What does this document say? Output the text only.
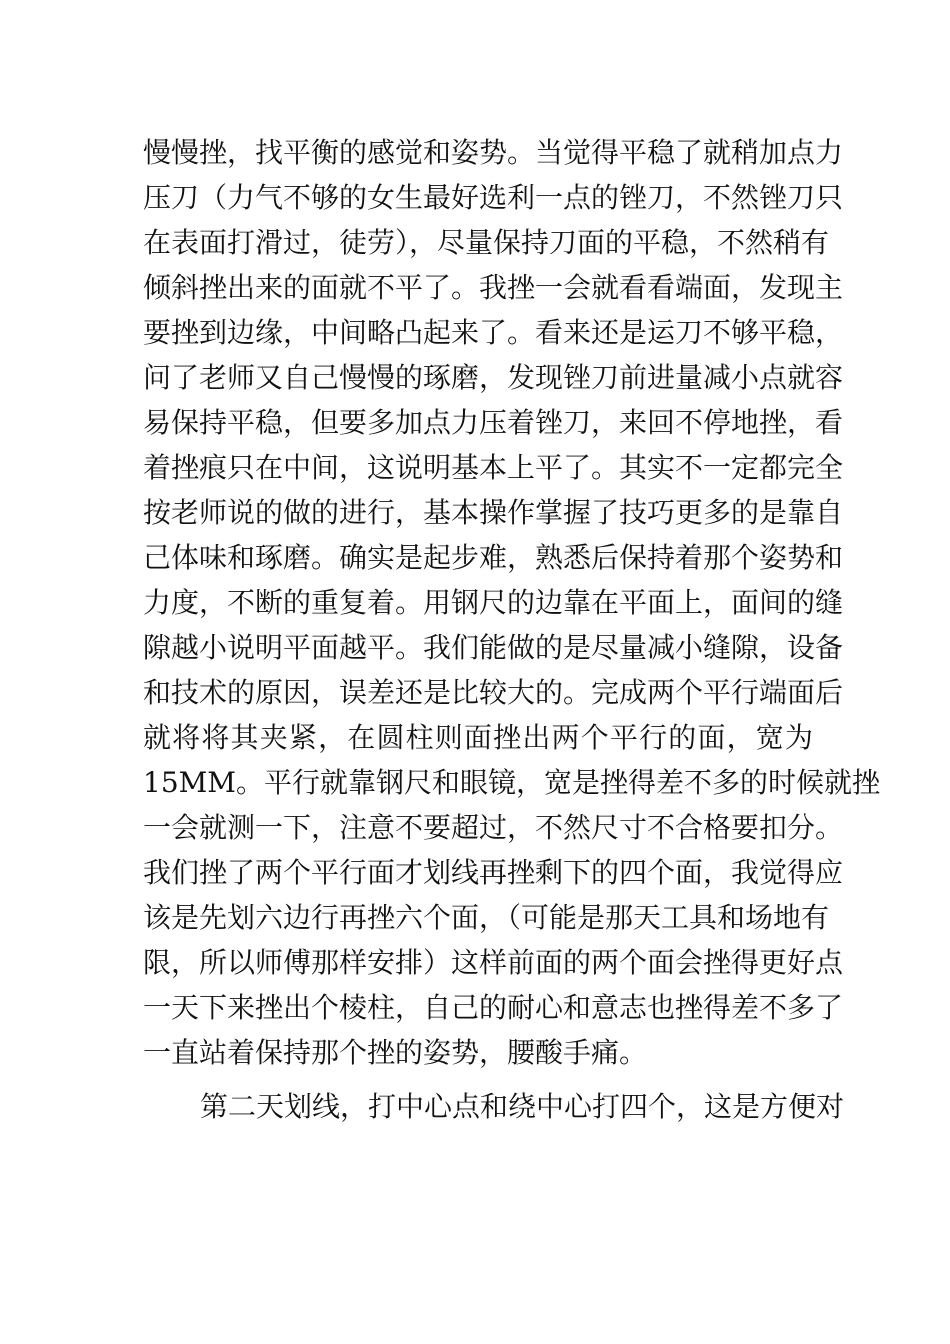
慢慢挫，找平衡的感觉和姿势。当觉得平稳了就稍加点力
压刀（力气不够的女生最好选利一点的锉刀，不然锉刀只
在表面打滑过，徒劳），尽量保持刀面的平稳，不然稍有
倾斜挫出来的面就不平了。我挫一会就看看端面，发现主
要挫到边缘，中间略凸起来了。看来还是运刀不够平稳，
问了老师又自己慢慢的琢磨，发现锉刀前进量减小点就容
易保持平稳，但要多加点力压着锉刀，来回不停地挫，看
着挫痕只在中间，这说明基本上平了。其实不一定都完全
按老师说的做的进行，基本操作掌握了技巧更多的是靠自
己体味和琢磨。确实是起步难，熟悉后保持着那个姿势和
力度，不断的重复着。用钢尺的边靠在平面上，面间的缝
隙越小说明平面越平。我们能做的是尽量减小缝隙，设备
和技术的原因，误差还是比较大的。完成两个平行端面后
就将将其夹紧，在圆柱则面挫出两个平行的面，宽为
15MM。平行就靠钢尺和眼镜，宽是挫得差不多的时候就挫
一会就测一下，注意不要超过，不然尺寸不合格要扣分。
我们挫了两个平行面才划线再挫剩下的四个面，我觉得应
该是先划六边行再挫六个面，（可能是那天工具和场地有
限，所以师傅那样安排）这样前面的两个面会挫得更好点
一天下来挫出个棱柱，自己的耐心和意志也挫得差不多了
一直站着保持那个挫的姿势，腰酸手痛。
第二天划线，打中心点和绕中心打四个，这是方便对
